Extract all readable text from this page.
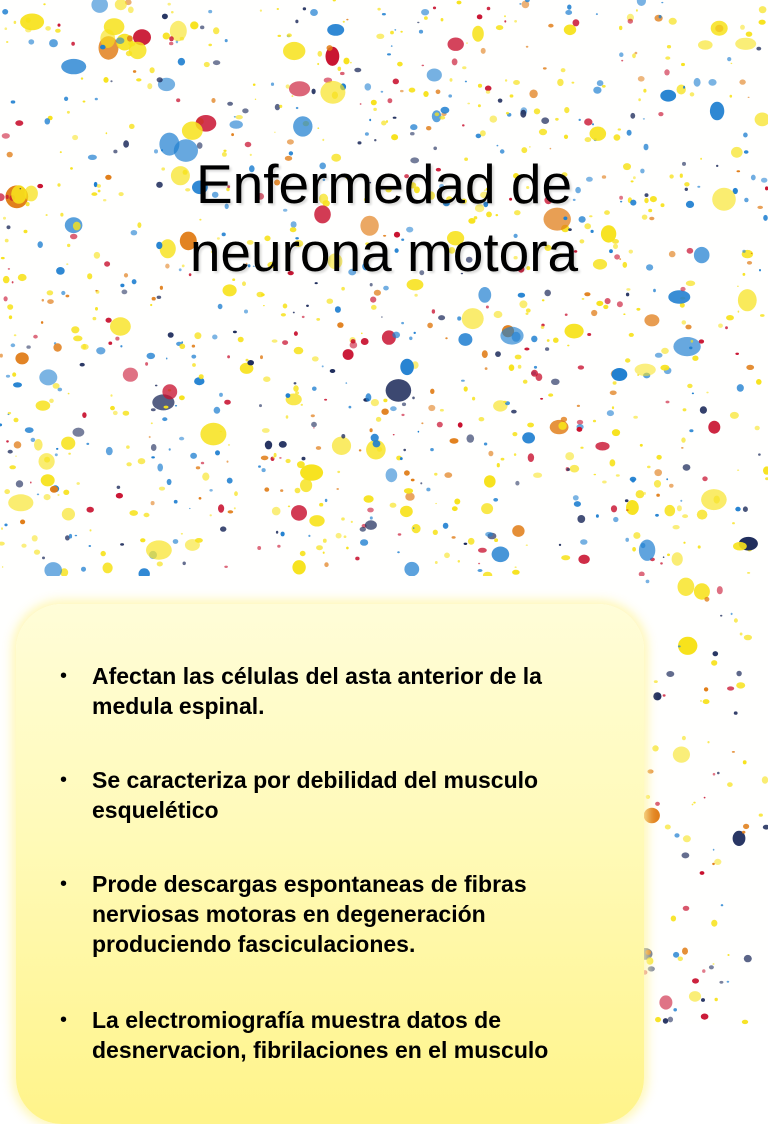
Enfermedad de
neurona motora
• Afectan las células del asta anterior de la medula espinal.
• Se caracteriza por debilidad del musculo esquelético
• Prode descargas espontaneas de fibras nerviosas motoras en degeneración produciendo fasciculaciones.
• La electromiografía muestra datos de desnervacion, fibrilaciones en el musculo
